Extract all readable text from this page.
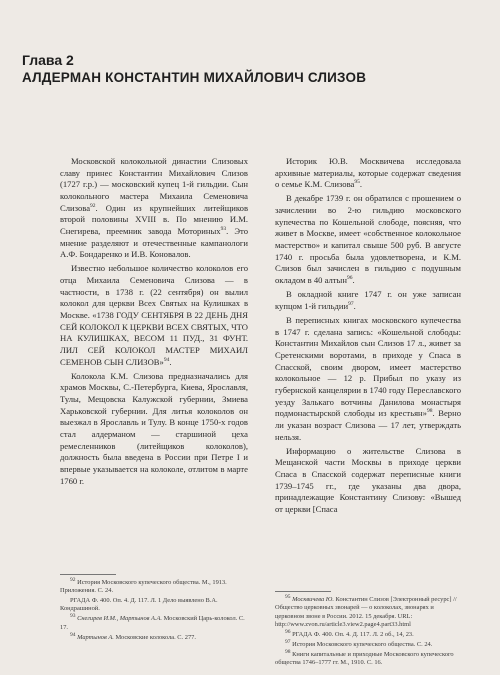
Глава 2
АЛДЕРМАН КОНСТАНТИН МИХАЙЛОВИЧ СЛИЗОВ

Московской колокольной династии Слизовых славу принес Константин Михайлович Слизов (1727 г.р.) — московский купец 1-й гильдии. Сын колокольного мастера Михаила Семеновича Слизова$^{92}$. Один из крупнейших литейщиков второй половины XVIII в. По мнению И.М. Снегирева, преемник завода Моториных$^{93}$. Это мнение разделяют и отечественные кампанологи А.Ф. Бондаренко и И.В. Коновалов.

Известно небольшое количество колоколов его отца Михаила Семеновича Слизова — в частности, в 1738 г. (22 сентября) он вылил колокол для церкви Всех Святых на Кулишках в Москве. «1738 ГОДУ СЕНТЯБРЯ В 22 ДЕНЬ ДНЯ СЕЙ КОЛОКОЛ К ЦЕРКВИ ВСЕХ СВЯТЫХ, ЧТО НА КУЛИШКАХ, ВЕСОМ 11 ПУД., 31 ФУНТ. ЛИЛ СЕЙ КОЛОКОЛ МАСТЕР МИХАИЛ СЕМЕНОВ СЫН СЛИЗОВ»$^{94}$.

Колокола К.М. Слизова предназначались для храмов Москвы, С.-Петербурга, Киева, Ярославля, Тулы, Мещовска Калужской губернии, Змиева Харьковской губернии. Для литья колоколов он выезжал в Ярославль и Тулу. В конце 1750-х годов стал алдерманом — старшиной цеха ремесленников (литейщиков колоколов), должность была введена в России при Петре I и впервые указывается на колоколе, отлитом в марте 1760 г.

Историк Ю.В. Москвичева исследовала архивные материалы, которые содержат сведения о семье К.М. Слизова$^{95}$.

В декабре 1739 г. он обратился с прошением о зачислении во 2-ю гильдию московского купечества по Кошельной слободе, поясняя, что живет в Москве, имеет «собственное колокольное мастерство» и капитал свыше 500 руб. В августе 1740 г. просьба была удовлетворена, и К.М. Слизов был зачислен в гильдию с подушным окладом в 40 алтын$^{96}$.

В окладной книге 1747 г. он уже записан купцом 1-й гильдии$^{97}$.

В переписных книгах московского купечества в 1747 г. сделана запись: «Кошельной слободы: Константин Михайлов сын Слизов 17 л., живет за Сретенскими воротами, в приходе у Спаса в Спасской, своим двором, имеет мастерство колокольное — 12 р. Прибыл по указу из губернской канцелярии в 1740 году Переславского уезду Залькаго вотчины Данилова монастыря подмонастырской слободы из крестьян»$^{98}$. Верно ли указан возраст Слизова — 17 лет, утверждать нельзя.

Информацию о жительстве Слизова в Мещанской части Москвы в приходе церкви Спаса в Спасской содержат переписные книги 1739–1745 гг., где указаны два двора, принадлежащие Константину Слизову: «Вышед от церкви [Спаса

$^{92}$ История Московского купеческого общества. М., 1913. Приложения. С. 24.
РГАДА Ф. 400. Оп. 4. Д. 117. Л. 1 Дело выявлено В.А. Кондрашиной.
$^{93}$ Снегирев И.М., Мартынов А.А. Московский Царь-колокол. С. 17.
$^{94}$ Мартынов А. Московские колокола. С. 277.
$^{95}$ Москвичева Ю. Константин Слизов [Электронный ресурс] // Общество церковных звонарей — о колоколах, звонарях и церковном звоне в России. 2012. 15 декабря. URL: http://www.zvon.ru/article3.view2.page4.part33.html
$^{96}$ РГАДА Ф. 400. Оп. 4. Д. 117. Л. 2 об., 14, 23.
$^{97}$ История Московского купеческого общества. С. 24.
$^{98}$ Книги капитальные и приходные Московского купеческого общества 1746–1777 гг. М., 1910. С. 16.
